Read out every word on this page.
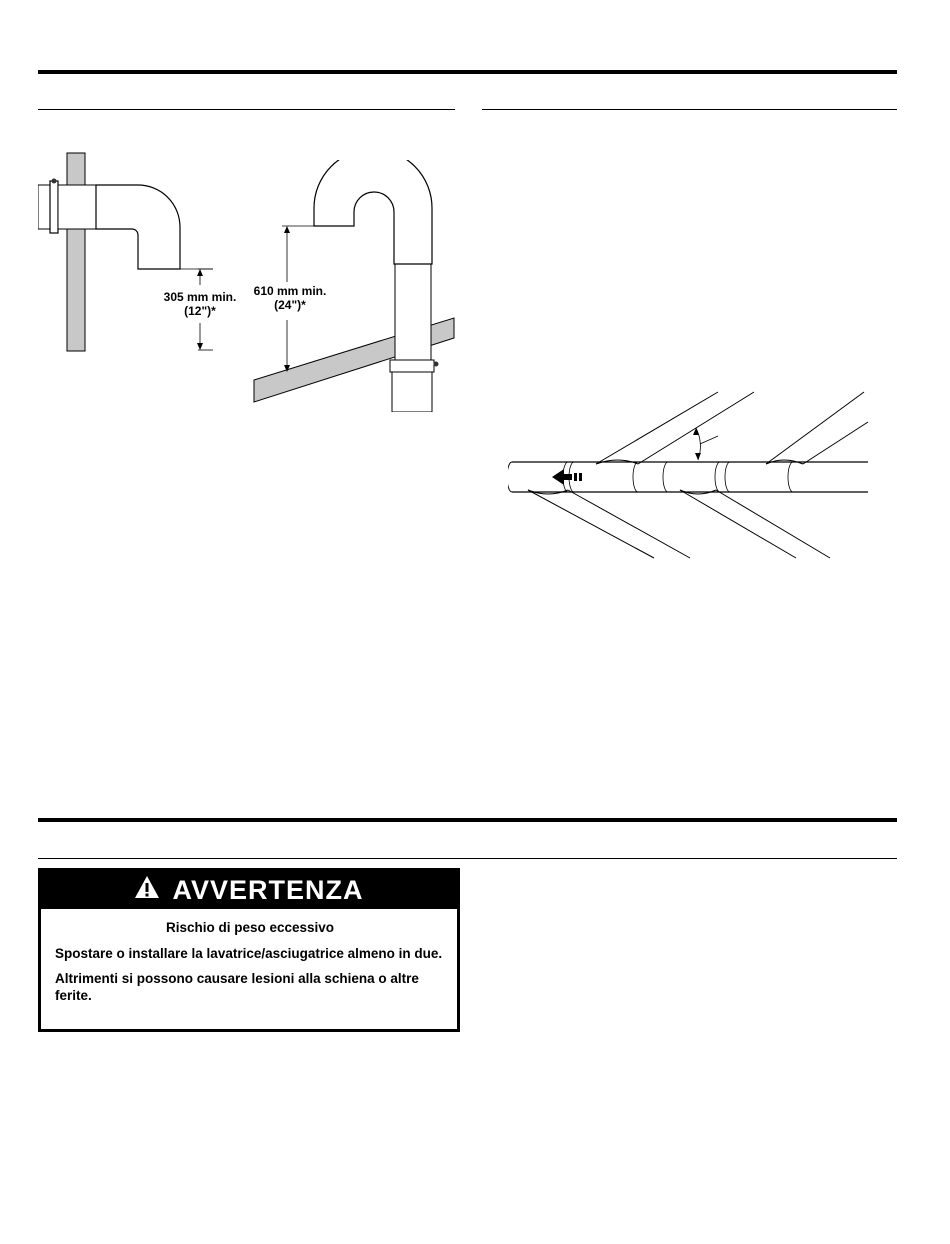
305 mm min.
(12")*
610 mm min.
(24")*
AVVERTENZA
Rischio di peso eccessivo

Spostare o installare la lavatrice/asciugatrice almeno in due.

Altrimenti si possono causare lesioni alla schiena o altre ferite.
